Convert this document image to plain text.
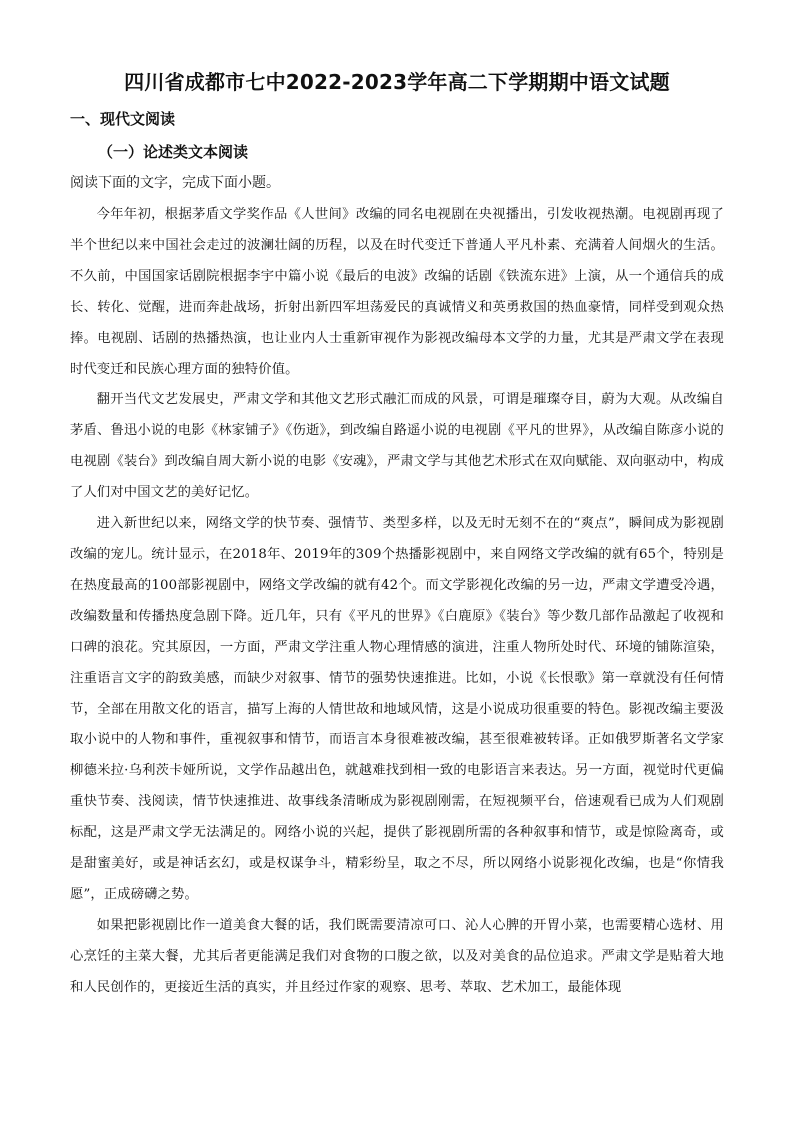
四川省成都市七中2022-2023学年高二下学期期中语文试题
一、现代文阅读
（一）论述类文本阅读
阅读下面的文字，完成下面小题。

今年年初，根据茅盾文学奖作品《人世间》改编的同名电视剧在央视播出，引发收视热潮。电视剧再现了半个世纪以来中国社会走过的波澜壮阔的历程，以及在时代变迁下普通人平凡朴素、充满着人间烟火的生活。不久前，中国国家话剧院根据李宇中篇小说《最后的电波》改编的话剧《铁流东进》上演，从一个通信兵的成长、转化、觉醒，进而奔赴战场，折射出新四军坦荡爱民的真诚情义和英勇救国的热血豪情，同样受到观众热捧。电视剧、话剧的热播热演，也让业内人士重新审视作为影视改编母本文学的力量，尤其是严肃文学在表现时代变迁和民族心理方面的独特价值。

翻开当代文艺发展史，严肃文学和其他文艺形式融汇而成的风景，可谓是璀璨夺目，蔚为大观。从改编自茅盾、鲁迅小说的电影《林家铺子》《伤逝》，到改编自路遥小说的电视剧《平凡的世界》，从改编自陈彦小说的电视剧《装台》到改编自周大新小说的电影《安魂》，严肃文学与其他艺术形式在双向赋能、双向驱动中，构成了人们对中国文艺的美好记忆。

进入新世纪以来，网络文学的快节奏、强情节、类型多样，以及无时无刻不在的“爽点”，瞬间成为影视剧改编的宠儿。统计显示，在2018年、2019年的309个热播影视剧中，来自网络文学改编的就有65个，特别是在热度最高的100部影视剧中，网络文学改编的就有42个。而文学影视化改编的另一边，严肃文学遭受冷遇，改编数量和传播热度急剧下降。近几年，只有《平凡的世界》《白鹿原》《装台》等少数几部作品激起了收视和口碑的浪花。究其原因，一方面，严肃文学注重人物心理情感的演进，注重人物所处时代、环境的铺陈渲染，注重语言文字的韵致美感，而缺少对叙事、情节的强势快速推进。比如，小说《长恨歌》第一章就没有任何情节，全部在用散文化的语言，描写上海的人情世故和地域风情，这是小说成功很重要的特色。影视改编主要汲取小说中的人物和事件，重视叙事和情节，而语言本身很难被改编，甚至很难被转译。正如俄罗斯著名文学家柳德米拉·乌利茨卡娅所说，文学作品越出色，就越难找到相一致的电影语言来表达。另一方面，视觉时代更偏重快节奏、浅阅读，情节快速推进、故事线条清晰成为影视剧刚需，在短视频平台，倍速观看已成为人们观剧标配，这是严肃文学无法满足的。网络小说的兴起，提供了影视剧所需的各种叙事和情节，或是惊险离奇，或是甜蜜美好，或是神话玄幻，或是权谋争斗，精彩纷呈，取之不尽，所以网络小说影视化改编，也是“你情我愿”，正成磅礴之势。

如果把影视剧比作一道美食大餐的话，我们既需要清凉可口、沁人心脾的开胃小菜，也需要精心选材、用心烹饪的主菜大餐，尤其后者更能满足我们对食物的口腹之欲，以及对美食的品位追求。严肃文学是贴着大地和人民创作的，更接近生活的真实，并且经过作家的观察、思考、萃取、艺术加工，最能体现
